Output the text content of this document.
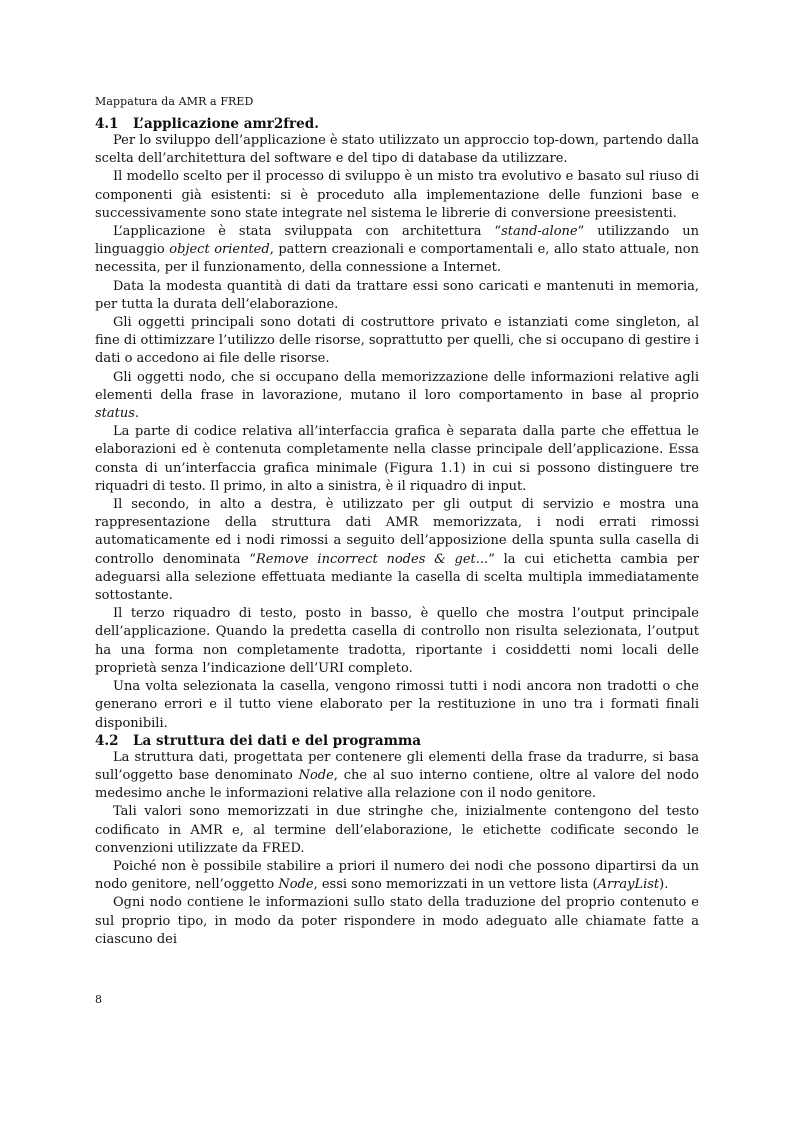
Mappatura da AMR a FRED
4.1	L’applicazione amr2fred.

Per lo sviluppo dell’applicazione è stato utilizzato un approccio top-down, partendo dalla scelta dell’architettura del software e del tipo di database da utilizzare.

Il modello scelto per il processo di sviluppo è un misto tra evolutivo e basato sul riuso di componenti già esistenti: si è proceduto alla implementazione delle funzioni base e successivamente sono state integrate nel sistema le librerie di conversione preesistenti.

L’applicazione è stata sviluppata con architettura “stand-alone” utilizzando un linguaggio object oriented, pattern creazionali e comportamentali e, allo stato attuale, non necessita, per il funzionamento, della connessione a Internet.

Data la modesta quantità di dati da trattare essi sono caricati e mantenuti in memoria, per tutta la durata dell’elaborazione.

Gli oggetti principali sono dotati di costruttore privato e istanziati come singleton, al fine di ottimizzare l’utilizzo delle risorse, soprattutto per quelli, che si occupano di gestire i dati o accedono ai file delle risorse.

Gli oggetti nodo, che si occupano della memorizzazione delle informazioni relative agli elementi della frase in lavorazione, mutano il loro comportamento in base al proprio status.

La parte di codice relativa all’interfaccia grafica è separata dalla parte che effettua le elaborazioni ed è contenuta completamente nella classe principale dell’applicazione. Essa consta di un’interfaccia grafica minimale (Figura 1.1) in cui si possono distinguere tre riquadri di testo. Il primo, in alto a sinistra, è il riquadro di input.

Il secondo, in alto a destra, è utilizzato per gli output di servizio e mostra una rappresentazione della struttura dati AMR memorizzata, i nodi errati rimossi automaticamente ed i nodi rimossi a seguito dell’apposizione della spunta sulla casella di controllo denominata “Remove incorrect nodes & get...” la cui etichetta cambia per adeguarsi alla selezione effettuata mediante la casella di scelta multipla immediatamente sottostante.

Il terzo riquadro di testo, posto in basso, è quello che mostra l’output principale dell’applicazione. Quando la predetta casella di controllo non risulta selezionata, l’output ha una forma non completamente tradotta, riportante i cosiddetti nomi locali delle proprietà senza l’indicazione dell’URI completo.

Una volta selezionata la casella, vengono rimossi tutti i nodi ancora non tradotti o che generano errori e il tutto viene elaborato per la restituzione in uno tra i formati finali disponibili.

4.2	La struttura dei dati e del programma

La struttura dati, progettata per contenere gli elementi della frase da tradurre, si basa sull’oggetto base denominato Node, che al suo interno contiene, oltre al valore del nodo medesimo anche le informazioni relative alla relazione con il nodo genitore.

Tali valori sono memorizzati in due stringhe che, inizialmente contengono del testo codificato in AMR e, al termine dell’elaborazione, le etichette codificate secondo le convenzioni utilizzate da FRED.

Poiché non è possibile stabilire a priori il numero dei nodi che possono dipartirsi da un nodo genitore, nell’oggetto Node, essi sono memorizzati in un vettore lista (ArrayList).

Ogni nodo contiene le informazioni sullo stato della traduzione del proprio contenuto e sul proprio tipo, in modo da poter rispondere in modo adeguato alle chiamate fatte a ciascuno dei

8
